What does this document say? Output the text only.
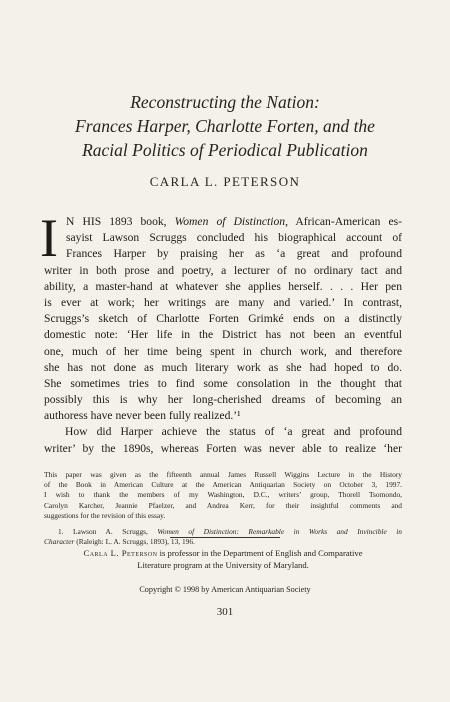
Reconstructing the Nation:
Frances Harper, Charlotte Forten, and the
Racial Politics of Periodical Publication
CARLA L. PETERSON
I N HIS 1893 book, Women of Distinction, African-American es-
sayist Lawson Scruggs concluded his biographical account of
Frances Harper by praising her as ‘a great and profound
writer in both prose and poetry, a lecturer of no ordinary tact and
ability, a master-hand at whatever she applies herself. . . . Her pen
is ever at work; her writings are many and varied.’ In contrast,
Scruggs’s sketch of Charlotte Forten Grimké ends on a distinctly
domestic note: ‘Her life in the District has not been an eventful
one, much of her time being spent in church work, and therefore
she has not done as much literary work as she had hoped to do.
She sometimes tries to find some consolation in the thought that
possibly this is why her long-cherished dreams of becoming an
authoress have never been fully realized.’¹
How did Harper achieve the status of ‘a great and profound
writer’ by the 1890s, whereas Forten was never able to realize ‘her
This paper was given as the fifteenth annual James Russell Wiggins Lecture in the History
of the Book in American Culture at the American Antiquarian Society on October 3, 1997.
I wish to thank the members of my Washington, D.C., writers’ group, Thorell Tsomondo,
Carolyn Karcher, Jeannie Pfaelzer, and Andrea Kerr, for their insightful comments and
suggestions for the revision of this essay.
1. Lawson A. Scruggs, Women of Distinction: Remarkable in Works and Invincible in
Character (Raleigh: L. A. Scruggs, 1893), 13, 196.
Carla L. Peterson is professor in the Department of English and Comparative
Literature program at the University of Maryland.
Copyright © 1998 by American Antiquarian Society
301
